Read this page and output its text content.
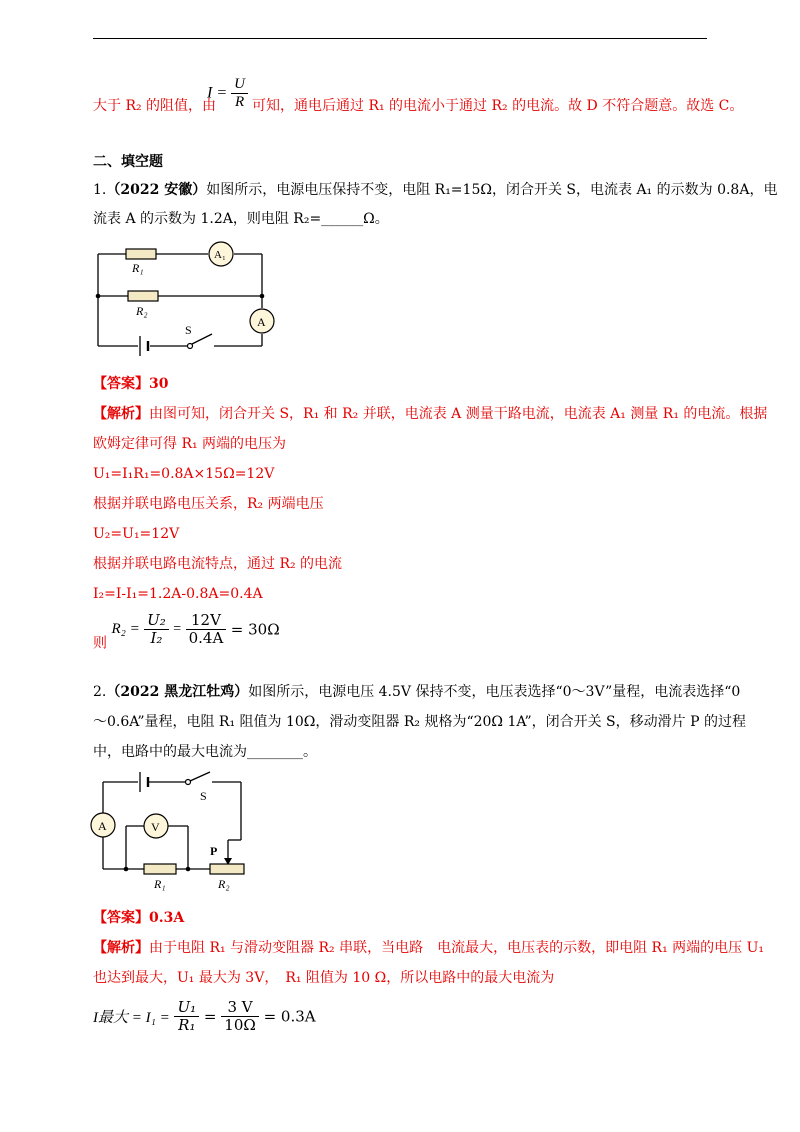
大于 R₂ 的阻值，由
$I = \frac{U}{R}$ 可知，通电后通过 R₁ 的电流小于通过 R₂ 的电流。故 D 不符合题意。故选 C。
二、填空题
1.（2022 安徽）如图所示，电源电压保持不变，电阻 R₁=15Ω，闭合开关 S，电流表 A₁ 的示数为 0.8A，电
流表 A 的示数为 1.2A，则电阻 R₂=______Ω。
R₁
A₁
R₂
A
S
【答案】30
【解析】由图可知，闭合开关 S，R₁ 和 R₂ 并联，电流表 A 测量干路电流，电流表 A₁ 测量 R₁ 的电流。根据
欧姆定律可得 R₁ 两端的电压为
U₁=I₁R₁=0.8A×15Ω=12V
根据并联电路电压关系，R₂ 两端电压
U₂=U₁=12V
根据并联电路电流特点，通过 R₂ 的电流
I₂=I-I₁=1.2A-0.8A=0.4A
则 $R_2 = \frac{\text{U₂}}{\text{I₂}} = \frac{12V}{0.4A} = 30\Omega$
2.（2022 黑龙江牡鸡）如图所示，电源电压 4.5V 保持不变，电压表选择“0～3V”量程，电流表选择“0
～0.6A”量程，电阻 R₁ 阻值为 10Ω，滑动变阻器 R₂ 规格为“20Ω 1A”，闭合开关 S，移动滑片 P 的过程
中，电路中的最大电流为________。
S
A	V
R₁	R₂
P
【答案】0.3A
【解析】由于电阻 R₁ 与滑动变阻器 R₂ 串联，当电路　电流最大，电压表的示数，即电阻 R₁ 两端的电压 U₁
也达到最大，U₁ 最大为 3V，　R₁ 阻值为 10 Ω，所以电路中的最大电流为
I最大 = $I_1 = \frac{\text{U₁}}{\text{R₁}} = \frac{3 V}{10\Omega} = 0.3A$
